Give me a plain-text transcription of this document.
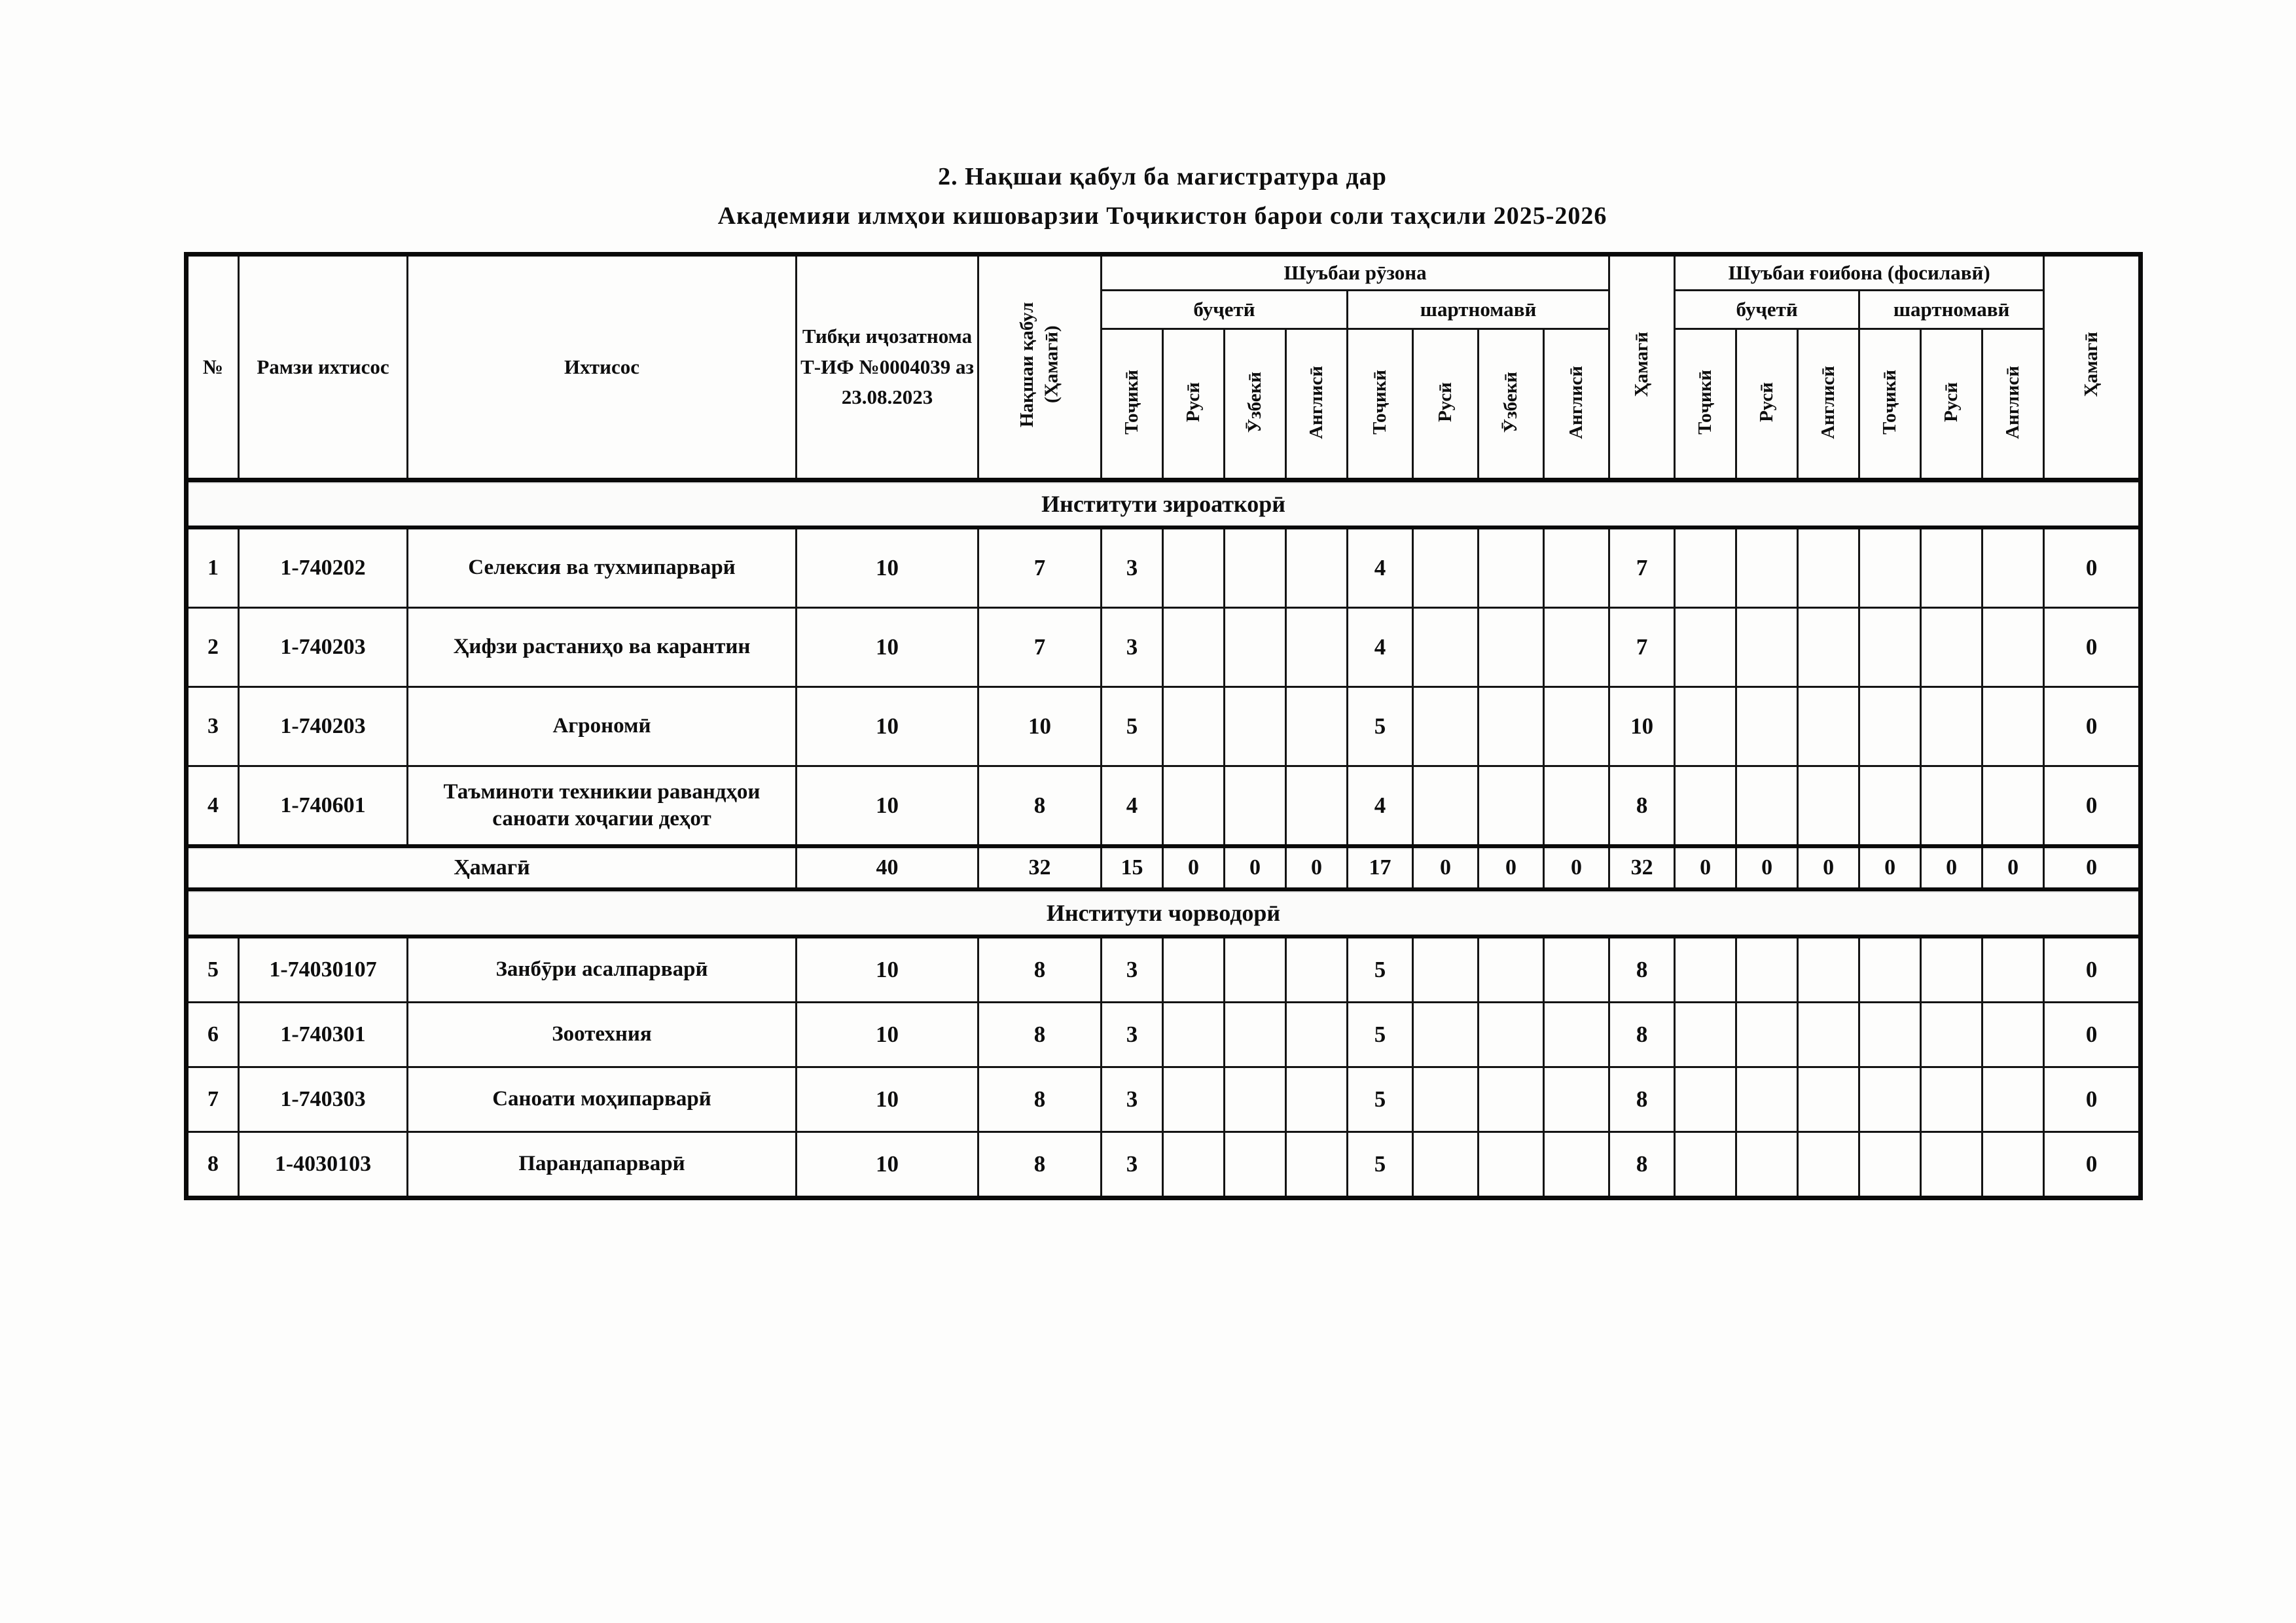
2. Нақшаи қабул ба магистратура дар
Академияи илмҳои кишоварзии Тоҷикистон барои соли таҳсили 2025-2026
№	Рамзи ихтисос	Ихтисос	Тибқи иҷозатнома Т-ИФ №0004039 аз 23.08.2023	Нақшаи қабул (Ҳамагӣ)	Шуъбаи рӯзона								Ҳамагӣ	Шуъбаи ғоибона (фосилавӣ)						Ҳамагӣ
					буҷетӣ				шартномавӣ					буҷетӣ			шартномавӣ			
					Тоҷикӣ	Русӣ	Ӯзбекӣ	Англисӣ	Тоҷикӣ	Русӣ	Ӯзбекӣ	Англисӣ		Тоҷикӣ	Русӣ	Англисӣ	Тоҷикӣ	Русӣ	Англисӣ	
Институти зироаткорӣ																				
1	1-740202	Селексия ва тухмипарварӣ	10	7	3				4				7							0
2	1-740203	Ҳифзи растаниҳо ва карантин	10	7	3				4				7							0
3	1-740203	Агрономӣ	10	10	5				5				10							0
4	1-740601	Таъминоти техникии равандҳои саноати хоҷагии деҳот	10	8	4				4				8							0
Ҳамагӣ			40	32	15	0	0	0	17	0	0	0	32	0	0	0	0	0	0	0
Институти чорводорӣ																				
5	1-74030107	Занбӯри асалпарварӣ	10	8	3				5				8							0
6	1-740301	Зоотехния	10	8	3				5				8							0
7	1-740303	Саноати моҳипарварӣ	10	8	3				5				8							0
8	1-4030103	Парандапарварӣ	10	8	3				5				8							0
